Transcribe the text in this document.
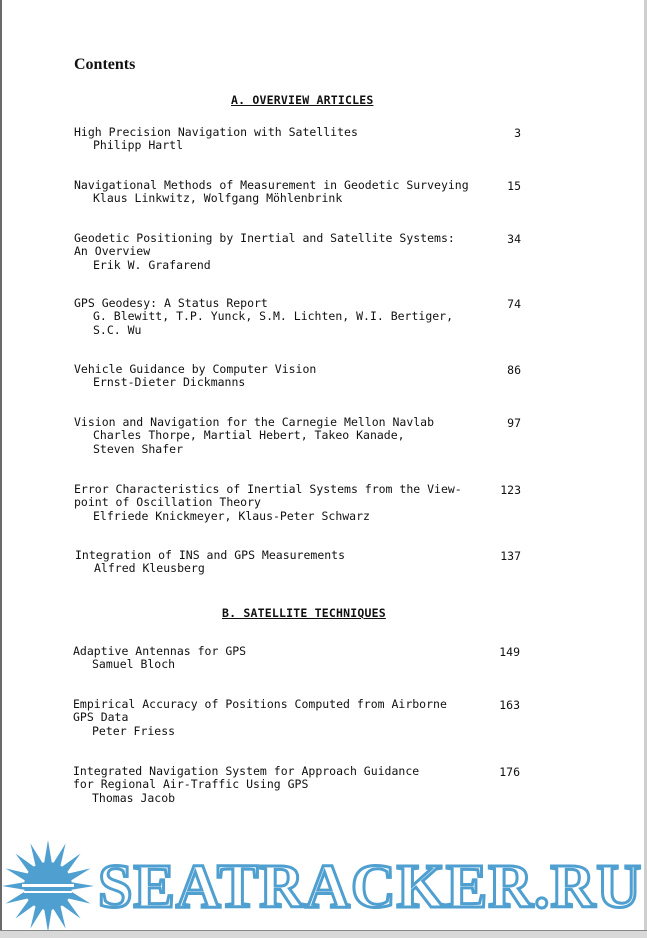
Contents
A. OVERVIEW ARTICLES
High Precision Navigation with Satellites
Philipp Hartl
3
Navigational Methods of Measurement in Geodetic Surveying
Klaus Linkwitz, Wolfgang Möhlenbrink
15
Geodetic Positioning by Inertial and Satellite Systems:
An Overview
Erik W. Grafarend
34
GPS Geodesy: A Status Report
G. Blewitt, T.P. Yunck, S.M. Lichten, W.I. Bertiger,
S.C. Wu
74
Vehicle Guidance by Computer Vision
Ernst-Dieter Dickmanns
86
Vision and Navigation for the Carnegie Mellon Navlab
Charles Thorpe, Martial Hebert, Takeo Kanade,
Steven Shafer
97
Error Characteristics of Inertial Systems from the View-
point of Oscillation Theory
Elfriede Knickmeyer, Klaus-Peter Schwarz
123
Integration of INS and GPS Measurements
Alfred Kleusberg
137
B. SATELLITE TECHNIQUES
Adaptive Antennas for GPS
Samuel Bloch
149
Empirical Accuracy of Positions Computed from Airborne
GPS Data
Peter Friess
163
Integrated Navigation System for Approach Guidance
for Regional Air-Traffic Using GPS
Thomas Jacob
176
SEATRACKER.RU
